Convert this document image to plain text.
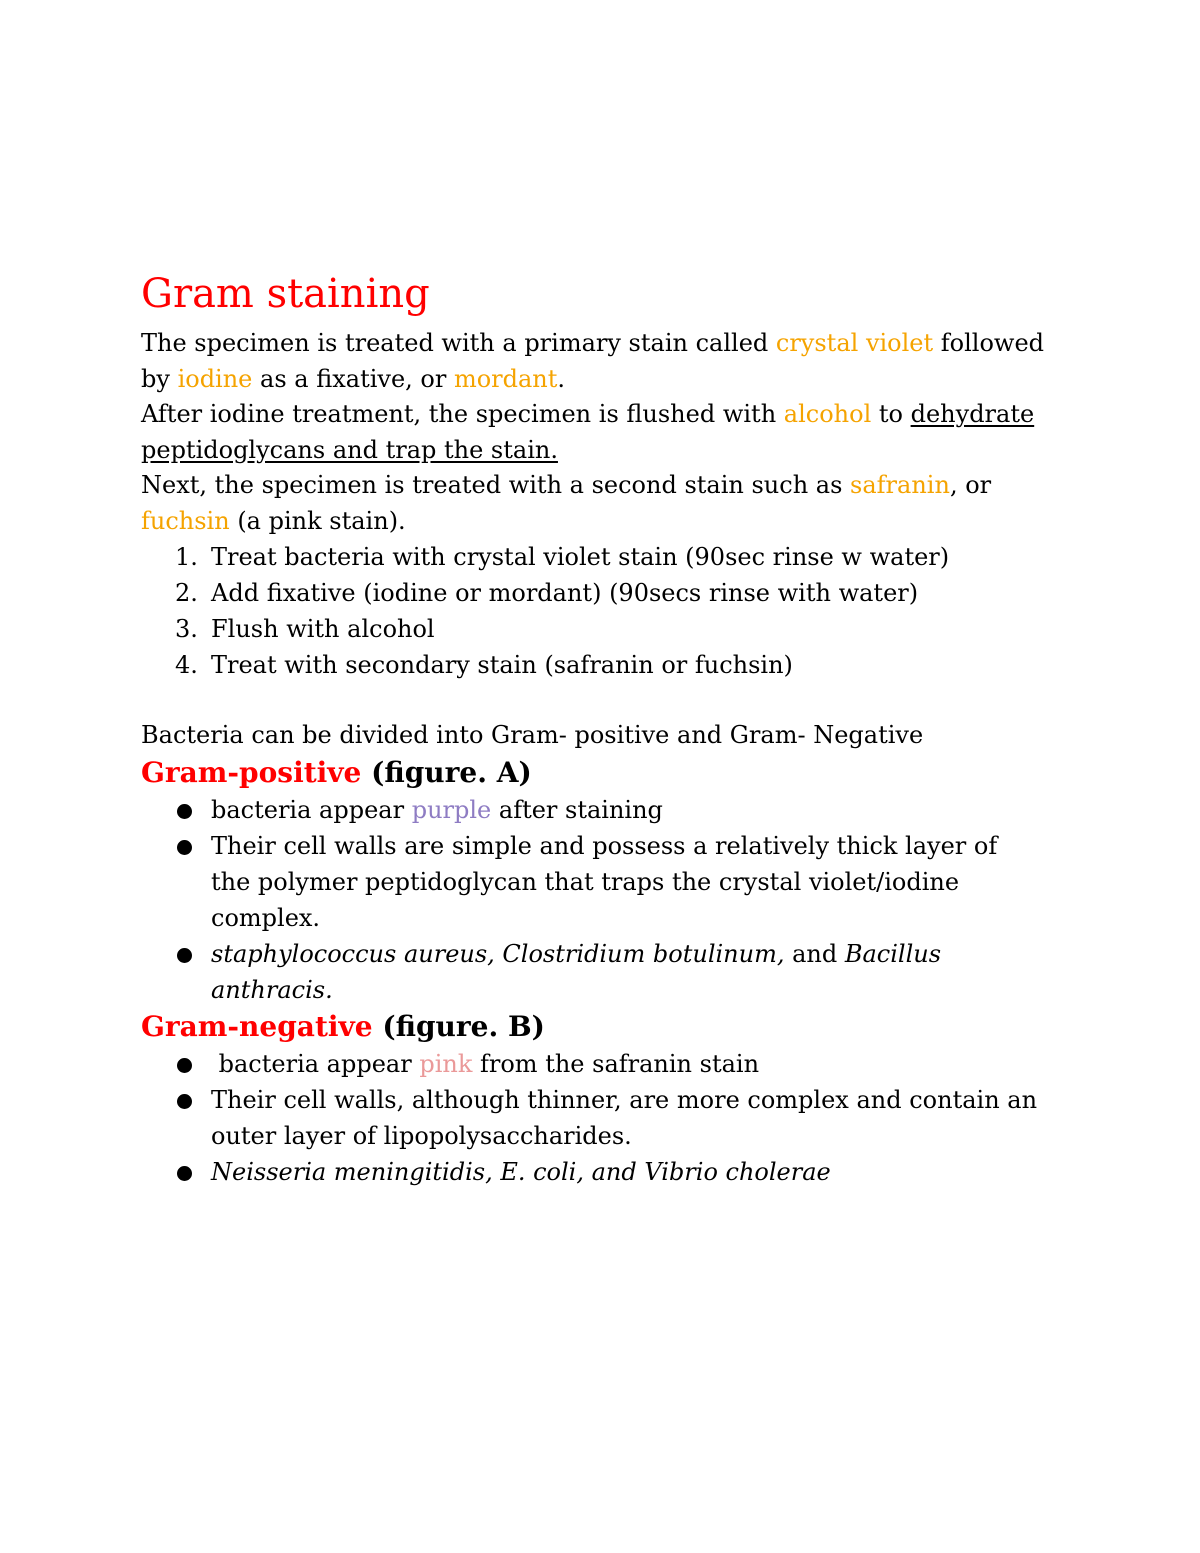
Gram staining

The specimen is treated with a primary stain called crystal violet followed

by iodine as a fixative, or mordant.

After iodine treatment, the specimen is flushed with alcohol to dehydrate

peptidoglycans and trap the stain.

Next, the specimen is treated with a second stain such as safranin, or

fuchsin (a pink stain).

1. Treat bacteria with crystal violet stain (90sec rinse w water)
2. Add fixative (iodine or mordant) (90secs rinse with water)
3. Flush with alcohol
4. Treat with secondary stain (safranin or fuchsin)

Bacteria can be divided into Gram- positive and Gram- Negative

Gram-positive (figure. A)
bacteria appear purple after staining
Their cell walls are simple and possess a relatively thick layer of the polymer peptidoglycan that traps the crystal violet/iodine complex.
staphylococcus aureus, Clostridium botulinum, and Bacillus anthracis.
Gram-negative (figure. B)
bacteria appear pink from the safranin stain
Their cell walls, although thinner, are more complex and contain an outer layer of lipopolysaccharides.
Neisseria meningitidis, E. coli, and Vibrio cholerae
